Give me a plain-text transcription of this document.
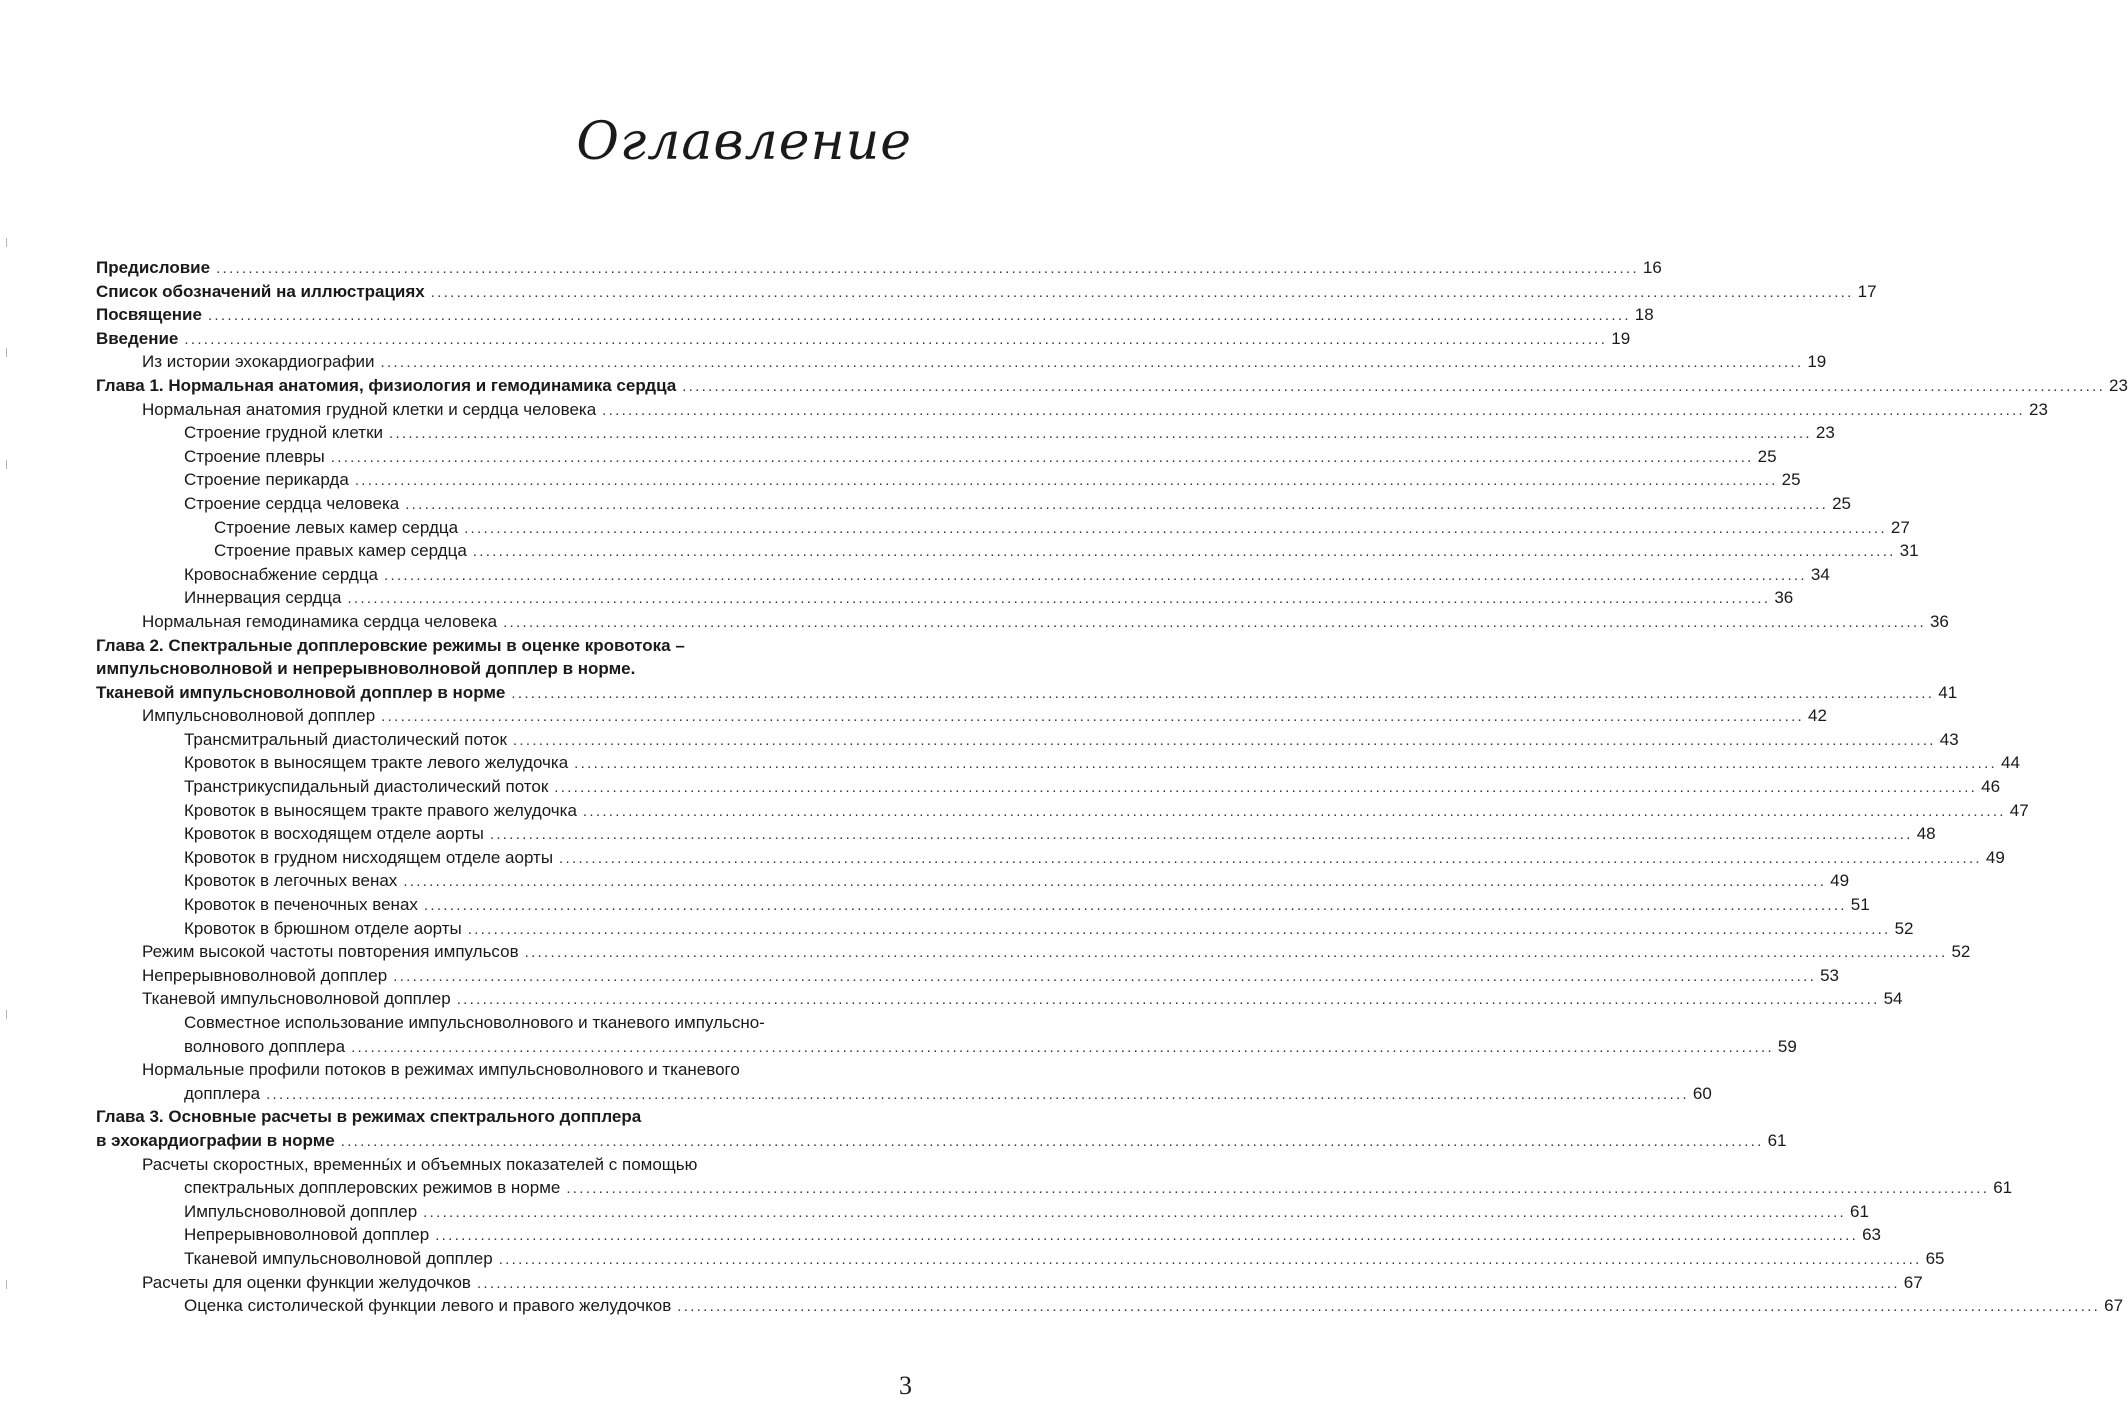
Оглавление
Предисловие ............................................................................................................................................................................................................................ 16
Список обозначений на иллюстрациях ............................................................................................................................................................................................................................ 17
Посвящение ............................................................................................................................................................................................................................ 18
Введение ............................................................................................................................................................................................................................ 19
Из истории эхокардиографии ............................................................................................................................................................................................................................ 19
Глава 1. Нормальная анатомия, физиология и гемодинамика сердца ............................................................................................................................................................................................................................ 23
Нормальная анатомия грудной клетки и сердца человека ............................................................................................................................................................................................................................ 23
Строение грудной клетки ............................................................................................................................................................................................................................ 23
Строение плевры ............................................................................................................................................................................................................................ 25
Строение перикарда ............................................................................................................................................................................................................................ 25
Строение сердца человека ............................................................................................................................................................................................................................ 25
Строение левых камер сердца ............................................................................................................................................................................................................................ 27
Строение правых камер сердца ............................................................................................................................................................................................................................ 31
Кровоснабжение сердца ............................................................................................................................................................................................................................ 34
Иннервация сердца ............................................................................................................................................................................................................................ 36
Нормальная гемодинамика сердца человека ............................................................................................................................................................................................................................ 36
Глава 2. Спектральные допплеровские режимы в оценке кровотока –
импульсноволновой и непрерывноволновой допплер в норме.
Тканевой импульсноволновой допплер в норме ............................................................................................................................................................................................................................ 41
Импульсноволновой допплер ............................................................................................................................................................................................................................ 42
Трансмитральный диастолический поток ............................................................................................................................................................................................................................ 43
Кровоток в выносящем тракте левого желудочка ............................................................................................................................................................................................................................ 44
Транстрикуспидальный диастолический поток ............................................................................................................................................................................................................................ 46
Кровоток в выносящем тракте правого желудочка ............................................................................................................................................................................................................................ 47
Кровоток в восходящем отделе аорты ............................................................................................................................................................................................................................ 48
Кровоток в грудном нисходящем отделе аорты ............................................................................................................................................................................................................................ 49
Кровоток в легочных венах ............................................................................................................................................................................................................................ 49
Кровоток в печеночных венах ............................................................................................................................................................................................................................ 51
Кровоток в брюшном отделе аорты ............................................................................................................................................................................................................................ 52
Режим высокой частоты повторения импульсов ............................................................................................................................................................................................................................ 52
Непрерывноволновой допплер ............................................................................................................................................................................................................................ 53
Тканевой импульсноволновой допплер ............................................................................................................................................................................................................................ 54
Совместное использование импульсноволнового и тканевого импульсно-
волнового допплера ............................................................................................................................................................................................................................ 59
Нормальные профили потоков в режимах импульсноволнового и тканевого
допплера ............................................................................................................................................................................................................................ 60
Глава 3. Основные расчеты в режимах спектрального допплера
в эхокардиографии в норме ............................................................................................................................................................................................................................ 61
Расчеты скоростных, временны́х и объемных показателей с помощью
спектральных допплеровских режимов в норме ............................................................................................................................................................................................................................ 61
Импульсноволновой допплер ............................................................................................................................................................................................................................ 61
Непрерывноволновой допплер ............................................................................................................................................................................................................................ 63
Тканевой импульсноволновой допплер ............................................................................................................................................................................................................................ 65
Расчеты для оценки функции желудочков ............................................................................................................................................................................................................................ 67
Оценка систолической функции левого и правого желудочков ............................................................................................................................................................................................................................ 67
3
